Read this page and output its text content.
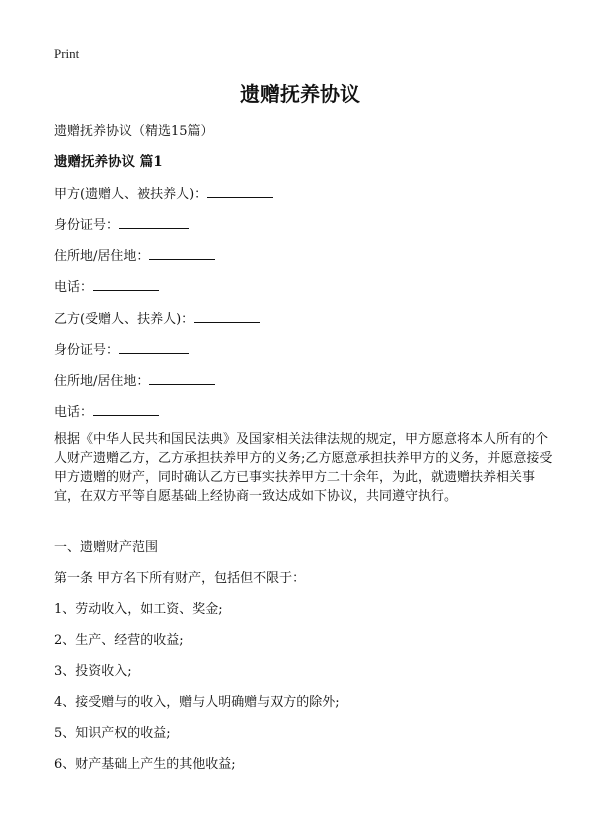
Print
遗赠抚养协议
遗赠抚养协议（精选15篇）
遗赠抚养协议 篇1
甲方(遗赠人、被扶养人)：
身份证号：
住所地/居住地：
电话：
乙方(受赠人、扶养人)：
身份证号：
住所地/居住地：
电话：

根据《中华人民共和国民法典》及国家相关法律法规的规定，甲方愿意将本人所有的个人财产遗赠乙方，乙方承担扶养甲方的义务;乙方愿意承担扶养甲方的义务，并愿意接受甲方遗赠的财产，同时确认乙方已事实扶养甲方二十余年，为此，就遗赠扶养相关事宜，在双方平等自愿基础上经协商一致达成如下协议，共同遵守执行。

一、遗赠财产范围
第一条 甲方名下所有财产，包括但不限于：
1、劳动收入，如工资、奖金;
2、生产、经营的收益;
3、投资收入;
4、接受赠与的收入，赠与人明确赠与双方的除外;
5、知识产权的收益;
6、财产基础上产生的其他收益;
